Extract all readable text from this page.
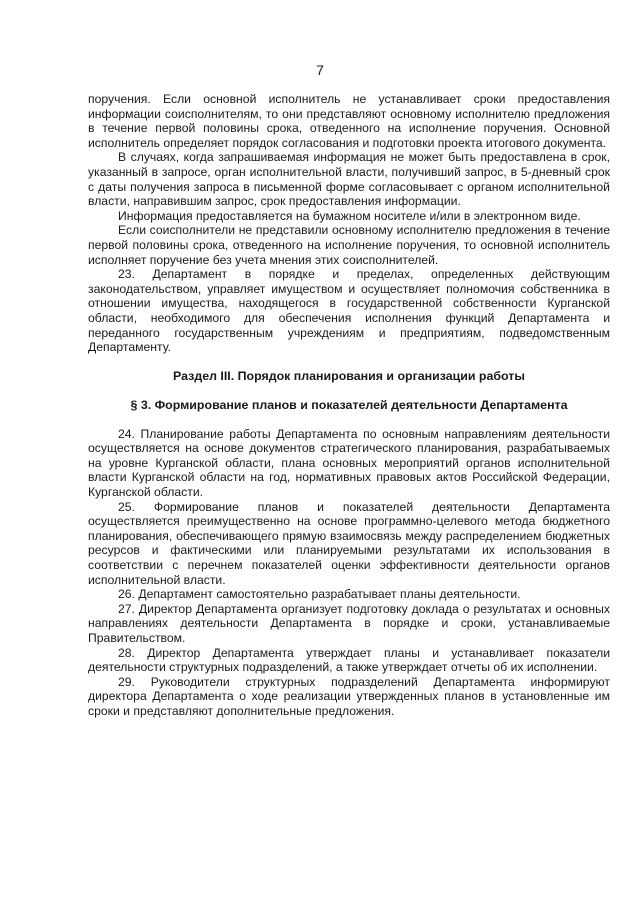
7

поручения. Если основной исполнитель не устанавливает сроки предоставления информации соисполнителям, то они представляют основному исполнителю предложения в течение первой половины срока, отведенного на исполнение поручения. Основной исполнитель определяет порядок согласования и подготовки проекта итогового документа.

В случаях, когда запрашиваемая информация не может быть предоставлена в срок, указанный в запросе, орган исполнительной власти, получивший запрос, в 5-дневный срок с даты получения запроса в письменной форме согласовывает с органом исполнительной власти, направившим запрос, срок предоставления информации.

Информация предоставляется на бумажном носителе и/или в электронном виде.

Если соисполнители не представили основному исполнителю предложения в течение первой половины срока, отведенного на исполнение поручения, то основной исполнитель исполняет поручение без учета мнения этих соисполнителей.

23. Департамент в порядке и пределах, определенных действующим законодательством, управляет имуществом и осуществляет полномочия собственника в отношении имущества, находящегося в государственной собственности Курганской области, необходимого для обеспечения исполнения функций Департамента и переданного государственным учреждениям и предприятиям, подведомственным Департаменту.

Раздел III. Порядок планирования и организации работы
§ 3. Формирование планов и показателей деятельности Департамента

24. Планирование работы Департамента по основным направлениям деятельности осуществляется на основе документов стратегического планирования, разрабатываемых на уровне Курганской области, плана основных мероприятий органов исполнительной власти Курганской области на год, нормативных правовых актов Российской Федерации, Курганской области.

25. Формирование планов и показателей деятельности Департамента осуществляется преимущественно на основе программно-целевого метода бюджетного планирования, обеспечивающего прямую взаимосвязь между распределением бюджетных ресурсов и фактическими или планируемыми результатами их использования в соответствии с перечнем показателей оценки эффективности деятельности органов исполнительной власти.

26. Департамент самостоятельно разрабатывает планы деятельности.

27. Директор Департамента организует подготовку доклада о результатах и основных направлениях деятельности Департамента в порядке и сроки, устанавливаемые Правительством.

28. Директор Департамента утверждает планы и устанавливает показатели деятельности структурных подразделений, а также утверждает отчеты об их исполнении.

29. Руководители структурных подразделений Департамента информируют директора Департамента о ходе реализации утвержденных планов в установленные им сроки и представляют дополнительные предложения.
